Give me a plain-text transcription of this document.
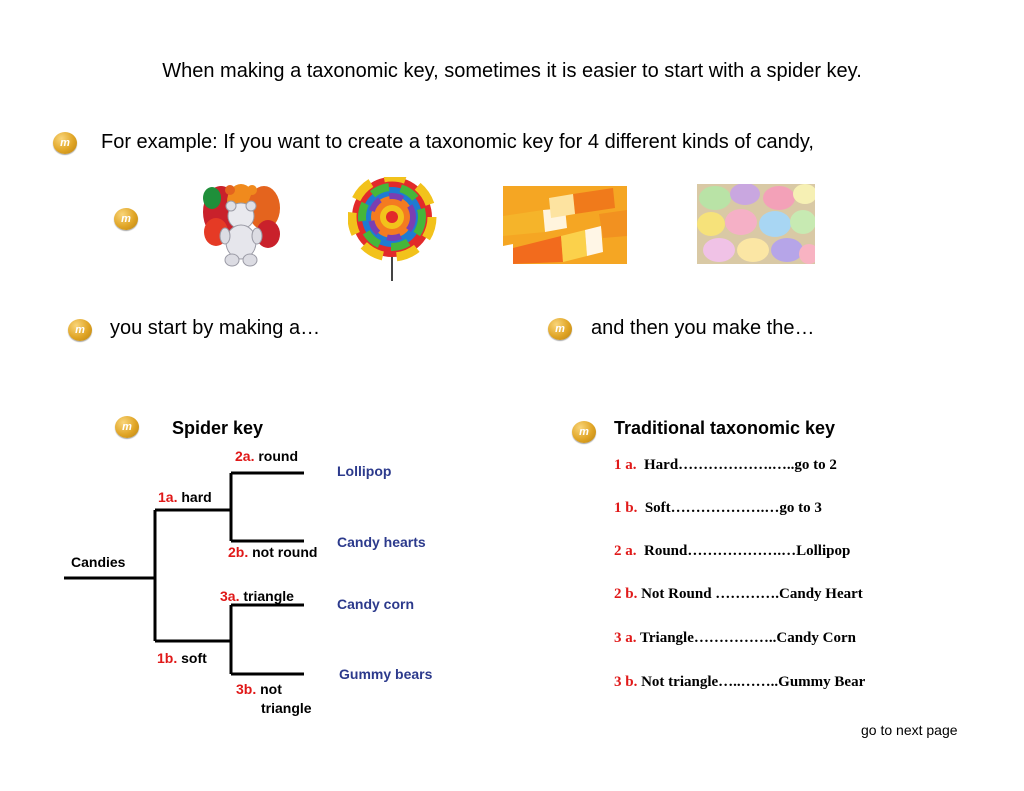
When making a taxonomic key, sometimes it is easier to start with a spider key.
m	For example: If you want to create a taxonomic key for 4 different kinds of candy,
m
m	you start by making a…	m	and then you make the…
m	Spider key
Candies
1a. hard
1b. soft
2a. round
2b. not round
3a. triangle
3b. not
triangle
Lollipop
Candy hearts
Candy corn
Gummy bears
m	Traditional taxonomic key
1 a.  Hard……………….…..go to 2
1 b.  Soft……………….…go to 3
2 a.  Round……………….…Lollipop
2 b. Not Round ………….Candy Heart
3 a. Triangle……………..Candy Corn
3 b. Not triangle…..……..Gummy Bear
go to next page
